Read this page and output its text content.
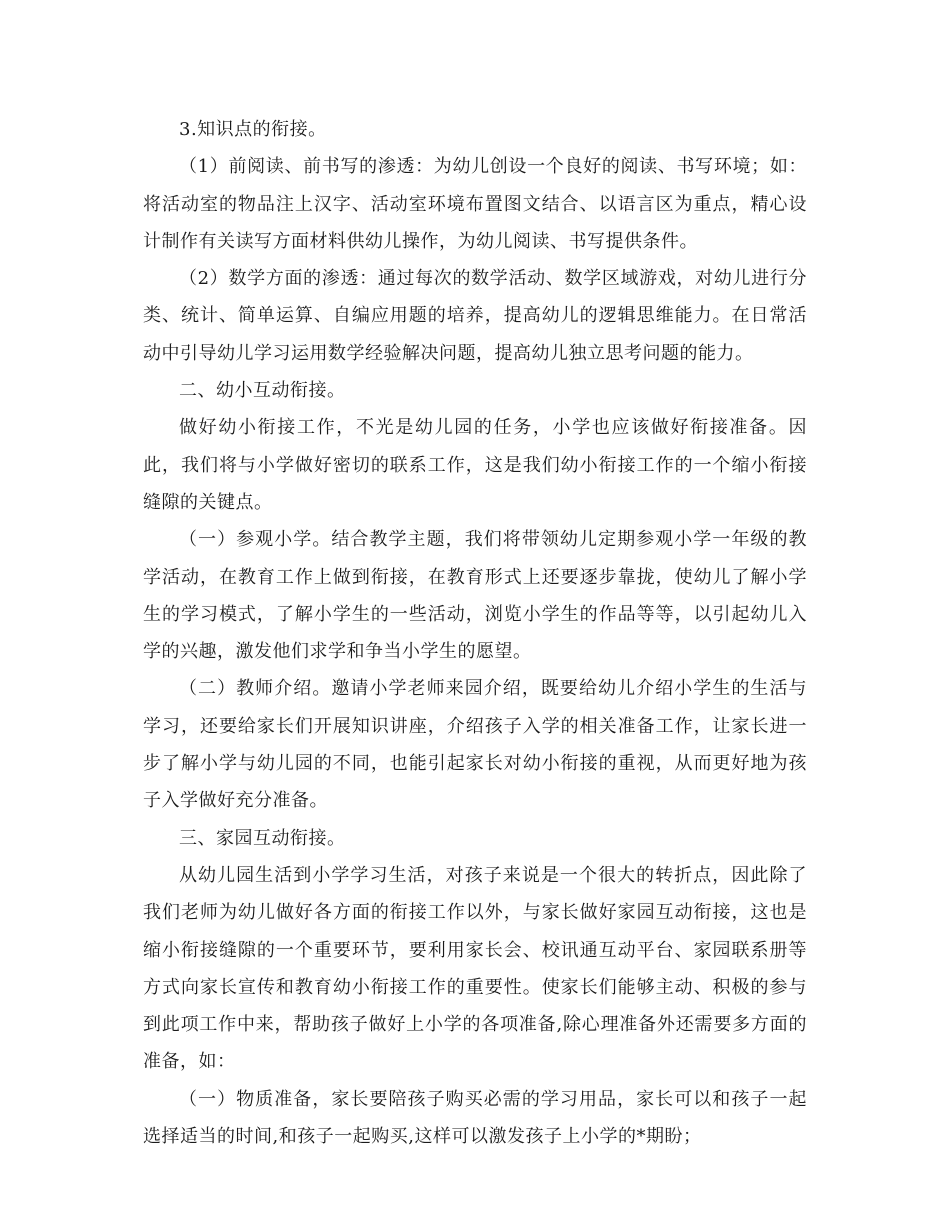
3.知识点的衔接。

（1）前阅读、前书写的渗透：为幼儿创设一个良好的阅读、书写环境；如：将活动室的物品注上汉字、活动室环境布置图文结合、以语言区为重点，精心设计制作有关读写方面材料供幼儿操作，为幼儿阅读、书写提供条件。

（2）数学方面的渗透：通过每次的数学活动、数学区域游戏，对幼儿进行分类、统计、简单运算、自编应用题的培养，提高幼儿的逻辑思维能力。在日常活动中引导幼儿学习运用数学经验解决问题，提高幼儿独立思考问题的能力。

二、幼小互动衔接。

做好幼小衔接工作，不光是幼儿园的任务，小学也应该做好衔接准备。因此，我们将与小学做好密切的联系工作，这是我们幼小衔接工作的一个缩小衔接缝隙的关键点。

（一）参观小学。结合教学主题，我们将带领幼儿定期参观小学一年级的教学活动，在教育工作上做到衔接，在教育形式上还要逐步靠拢，使幼儿了解小学生的学习模式，了解小学生的一些活动，浏览小学生的作品等等，以引起幼儿入学的兴趣，激发他们求学和争当小学生的愿望。

（二）教师介绍。邀请小学老师来园介绍，既要给幼儿介绍小学生的生活与学习，还要给家长们开展知识讲座，介绍孩子入学的相关准备工作，让家长进一步了解小学与幼儿园的不同，也能引起家长对幼小衔接的重视，从而更好地为孩子入学做好充分准备。

三、家园互动衔接。

从幼儿园生活到小学学习生活，对孩子来说是一个很大的转折点，因此除了我们老师为幼儿做好各方面的衔接工作以外，与家长做好家园互动衔接，这也是缩小衔接缝隙的一个重要环节，要利用家长会、校讯通互动平台、家园联系册等方式向家长宣传和教育幼小衔接工作的重要性。使家长们能够主动、积极的参与到此项工作中来，帮助孩子做好上小学的各项准备,除心理准备外还需要多方面的准备，如：

（一）物质准备，家长要陪孩子购买必需的学习用品，家长可以和孩子一起选择适当的时间,和孩子一起购买,这样可以激发孩子上小学的*期盼；
